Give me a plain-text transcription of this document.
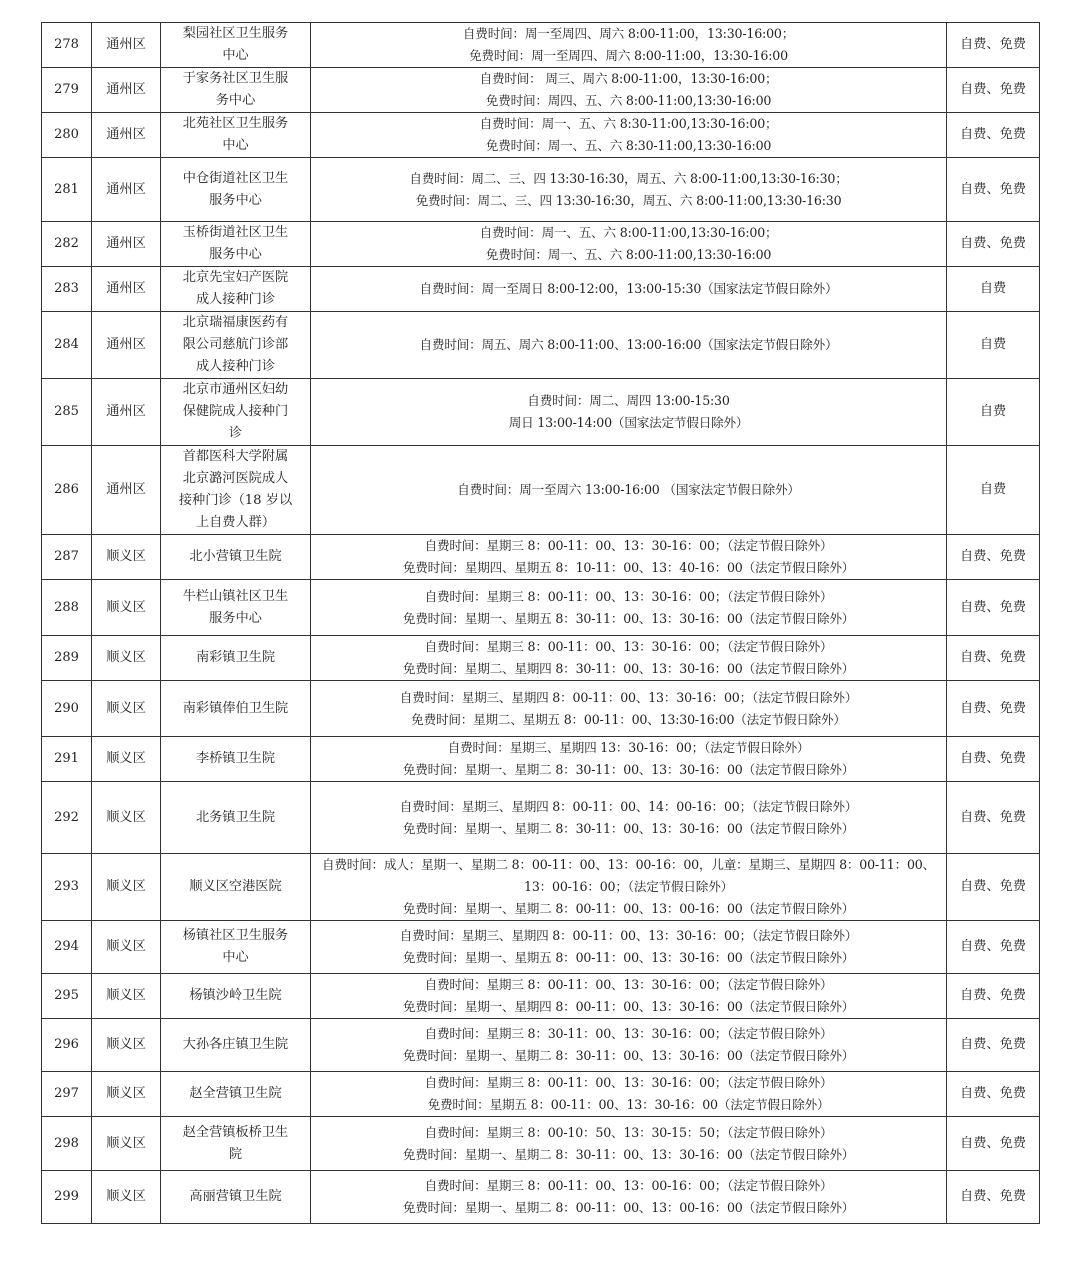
278	通州区	梨园社区卫生服务中心	自费时间：周一至周四、周六 8:00-11:00，13:30-16:00；
免费时间：周一至周四、周六 8:00-11:00，13:30-16:00	自费、免费
279	通州区	于家务社区卫生服务中心	自费时间： 周三、周六 8:00-11:00，13:30-16:00；
免费时间：周四、五、六 8:00-11:00,13:30-16:00	自费、免费
280	通州区	北苑社区卫生服务中心	自费时间：周一、五、六 8:30-11:00,13:30-16:00；
免费时间：周一、五、六 8:30-11:00,13:30-16:00	自费、免费
281	通州区	中仓街道社区卫生服务中心	自费时间：周二、三、四 13:30-16:30，周五、六 8:00-11:00,13:30-16:30；
免费时间：周二、三、四 13:30-16:30，周五、六 8:00-11:00,13:30-16:30	自费、免费
282	通州区	玉桥街道社区卫生服务中心	自费时间：周一、五、六 8:00-11:00,13:30-16:00；
免费时间：周一、五、六 8:00-11:00,13:30-16:00	自费、免费
283	通州区	北京先宝妇产医院成人接种门诊	自费时间：周一至周日 8:00-12:00，13:00-15:30（国家法定节假日除外）	自费
284	通州区	北京瑞福康医药有限公司慈航门诊部成人接种门诊	自费时间：周五、周六 8:00-11:00、13:00-16:00（国家法定节假日除外）	自费
285	通州区	北京市通州区妇幼保健院成人接种门诊	自费时间：周二、周四 13:00-15:30
周日 13:00-14:00（国家法定节假日除外）	自费
286	通州区	首都医科大学附属北京潞河医院成人接种门诊（18 岁以上自费人群）	自费时间：周一至周六 13:00-16:00 （国家法定节假日除外）	自费
287	顺义区	北小营镇卫生院	自费时间：星期三 8：00-11：00、13：30-16：00；（法定节假日除外）
免费时间：星期四、星期五 8：10-11：00、13：40-16：00（法定节假日除外）	自费、免费
288	顺义区	牛栏山镇社区卫生服务中心	自费时间：星期三 8：00-11：00、13：30-16：00；（法定节假日除外）
免费时间：星期一、星期五 8：30-11：00、13：30-16：00（法定节假日除外）	自费、免费
289	顺义区	南彩镇卫生院	自费时间：星期三 8：00-11：00、13：30-16：00；（法定节假日除外）
免费时间：星期二、星期四 8：30-11：00、13：30-16：00（法定节假日除外）	自费、免费
290	顺义区	南彩镇俸伯卫生院	自费时间：星期三、星期四 8：00-11：00、13：30-16：00；（法定节假日除外）
免费时间：星期二、星期五 8：00-11：00、13:30-16:00（法定节假日除外）	自费、免费
291	顺义区	李桥镇卫生院	自费时间：星期三、星期四 13：30-16：00；（法定节假日除外）
免费时间：星期一、星期二 8：30-11：00、13：30-16：00（法定节假日除外）	自费、免费
292	顺义区	北务镇卫生院	自费时间：星期三、星期四 8：00-11：00、14：00-16：00；（法定节假日除外）
免费时间：星期一、星期二 8：30-11：00、13：30-16：00（法定节假日除外）	自费、免费
293	顺义区	顺义区空港医院	自费时间：成人：星期一、星期二 8：00-11：00、13：00-16：00，儿童：星期三、星期四 8：00-11：00、13：00-16：00；（法定节假日除外）
免费时间：星期一、星期二 8：00-11：00、13：00-16：00（法定节假日除外）	自费、免费
294	顺义区	杨镇社区卫生服务中心	自费时间：星期三、星期四 8：00-11：00、13：30-16：00；（法定节假日除外）
免费时间：星期一、星期五 8：00-11：00、13：30-16：00（法定节假日除外）	自费、免费
295	顺义区	杨镇沙岭卫生院	自费时间：星期三 8：00-11：00、13：30-16：00；（法定节假日除外）
免费时间：星期一、星期四 8：00-11：00、13：30-16：00（法定节假日除外）	自费、免费
296	顺义区	大孙各庄镇卫生院	自费时间：星期三 8：30-11：00、13：30-16：00；（法定节假日除外）
免费时间：星期一、星期二 8：30-11：00、13：30-16：00（法定节假日除外）	自费、免费
297	顺义区	赵全营镇卫生院	自费时间：星期三 8：00-11：00、13：30-16：00；（法定节假日除外）
免费时间：星期五 8：00-11：00、13：30-16：00（法定节假日除外）	自费、免费
298	顺义区	赵全营镇板桥卫生院	自费时间：星期三 8：00-10：50、13：30-15：50；（法定节假日除外）
免费时间：星期一、星期二 8：30-11：00、13：30-16：00（法定节假日除外）	自费、免费
299	顺义区	高丽营镇卫生院	自费时间：星期三 8：00-11：00、13：00-16：00；（法定节假日除外）
免费时间：星期一、星期二 8：00-11：00、13：00-16：00（法定节假日除外）	自费、免费
